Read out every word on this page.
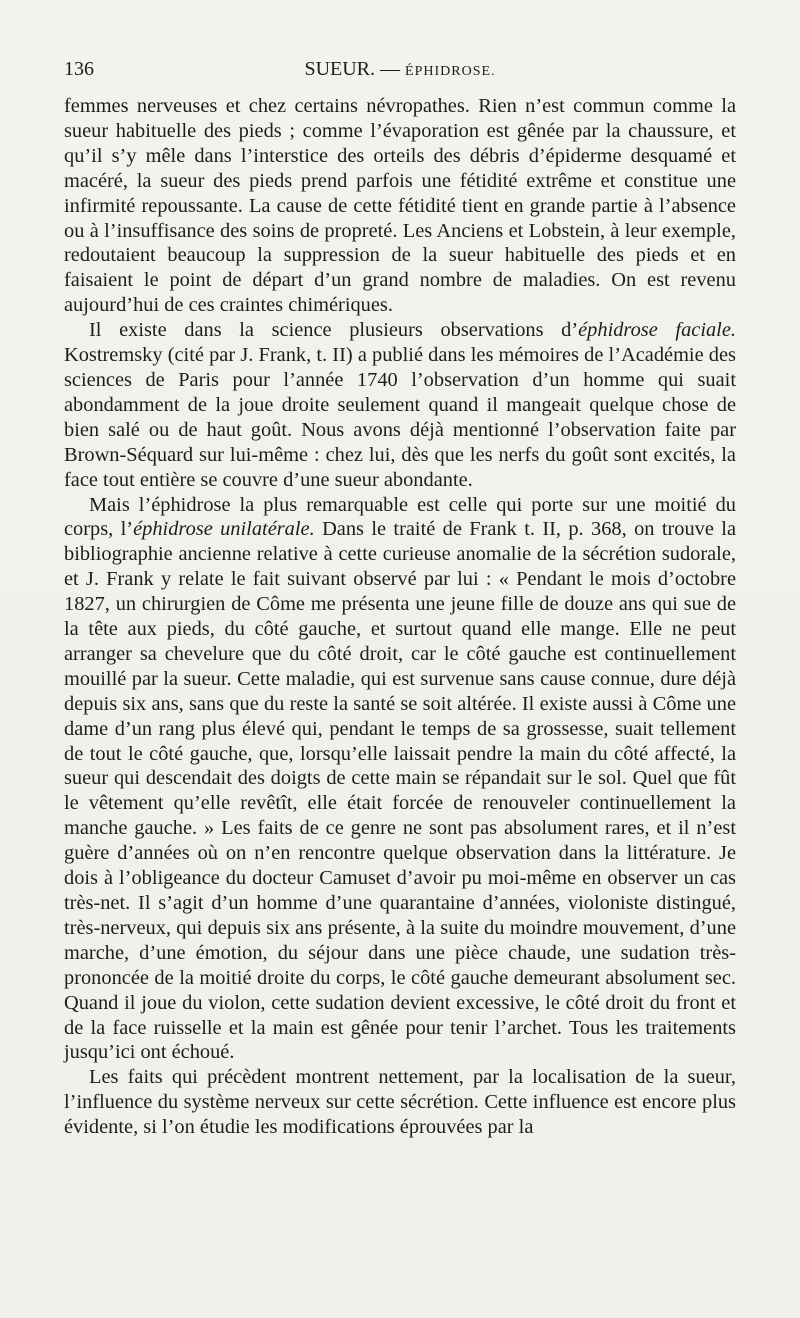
136	SUEUR. — ÉPHIDROSE.

femmes nerveuses et chez certains névropathes. Rien n’est commun comme la sueur habituelle des pieds ; comme l’évaporation est gênée par la chaussure, et qu’il s’y mêle dans l’interstice des orteils des débris d’épiderme desquamé et macéré, la sueur des pieds prend parfois une fétidité extrême et constitue une infirmité repoussante. La cause de cette fétidité tient en grande partie à l’absence ou à l’insuffisance des soins de propreté. Les Anciens et Lobstein, à leur exemple, redoutaient beaucoup la suppression de la sueur habituelle des pieds et en faisaient le point de départ d’un grand nombre de maladies. On est revenu aujourd’hui de ces craintes chimériques.

Il existe dans la science plusieurs observations d’éphidrose faciale. Kostremsky (cité par J. Frank, t. II) a publié dans les mémoires de l’Académie des sciences de Paris pour l’année 1740 l’observation d’un homme qui suait abondamment de la joue droite seulement quand il mangeait quelque chose de bien salé ou de haut goût. Nous avons déjà mentionné l’observation faite par Brown-Séquard sur lui-même : chez lui, dès que les nerfs du goût sont excités, la face tout entière se couvre d’une sueur abondante.

Mais l’éphidrose la plus remarquable est celle qui porte sur une moitié du corps, l’éphidrose unilatérale. Dans le traité de Frank t. II, p. 368, on trouve la bibliographie ancienne relative à cette curieuse anomalie de la sécrétion sudorale, et J. Frank y relate le fait suivant observé par lui : « Pendant le mois d’octobre 1827, un chirurgien de Côme me présenta une jeune fille de douze ans qui sue de la tête aux pieds, du côté gauche, et surtout quand elle mange. Elle ne peut arranger sa chevelure que du côté droit, car le côté gauche est continuellement mouillé par la sueur. Cette maladie, qui est survenue sans cause connue, dure déjà depuis six ans, sans que du reste la santé se soit altérée. Il existe aussi à Côme une dame d’un rang plus élevé qui, pendant le temps de sa grossesse, suait tellement de tout le côté gauche, que, lorsqu’elle laissait pendre la main du côté affecté, la sueur qui descendait des doigts de cette main se répandait sur le sol. Quel que fût le vêtement qu’elle revêtît, elle était forcée de renouveler continuellement la manche gauche. » Les faits de ce genre ne sont pas absolument rares, et il n’est guère d’années où on n’en rencontre quelque observation dans la littérature. Je dois à l’obligeance du docteur Camuset d’avoir pu moi-même en observer un cas très-net. Il s’agit d’un homme d’une quarantaine d’années, violoniste distingué, très-nerveux, qui depuis six ans présente, à la suite du moindre mouvement, d’une marche, d’une émotion, du séjour dans une pièce chaude, une sudation très-prononcée de la moitié droite du corps, le côté gauche demeurant absolument sec. Quand il joue du violon, cette sudation devient excessive, le côté droit du front et de la face ruisselle et la main est gênée pour tenir l’archet. Tous les traitements jusqu’ici ont échoué.

Les faits qui précèdent montrent nettement, par la localisation de la sueur, l’influence du système nerveux sur cette sécrétion. Cette influence est encore plus évidente, si l’on étudie les modifications éprouvées par la
